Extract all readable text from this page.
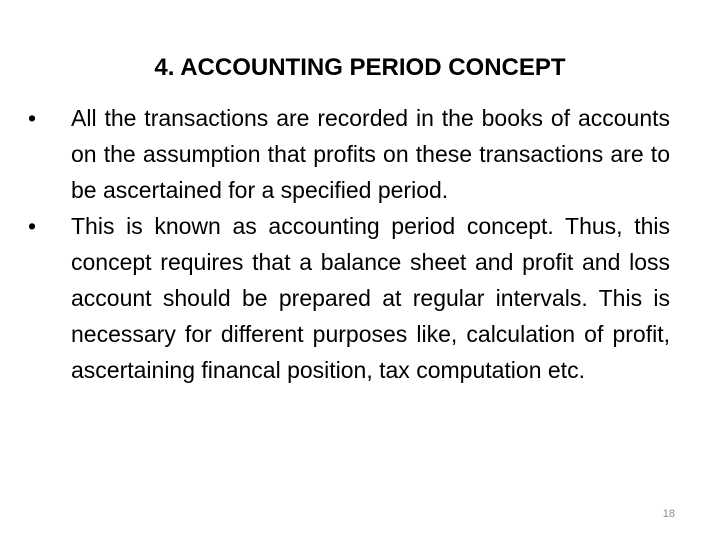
4. ACCOUNTING PERIOD CONCEPT
•	All the transactions are recorded in the books of accounts on the assumption that profits on these transactions are to be ascertained for a specified period.
•	This is known as accounting period concept. Thus, this concept requires that a balance sheet and profit and loss account should be prepared at regular intervals. This is necessary for different purposes like, calculation of profit, ascertaining financal position, tax computation etc.
18
